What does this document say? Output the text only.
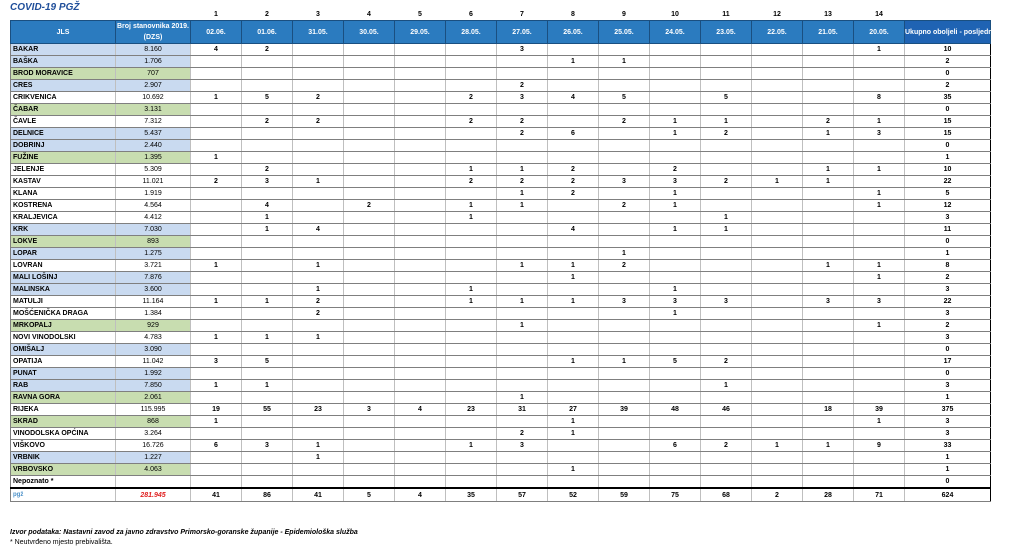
COVID-19 PGŽ
		1	2	3	4	5	6	7	8	9	10	11	12	13	14	
JLS	Broj stanovnika 2019. (DZS)	02.06.	01.06.	31.05.	30.05.	29.05.	28.05.	27.05.	26.05.	25.05.	24.05.	23.05.	22.05.	21.05.	20.05.	Ukupno oboljeli - posljednjih 14 dana
BAKAR	8.160	4	2					3							1	10
BAŠKA	1.706								1	1						2
BROD MORAVICE	707															0
CRES	2.907							2								2
CRIKVENICA	10.692	1	5	2			2	3	4	5		5			8	35
ČABAR	3.131															0
ČAVLE	7.312		2	2			2	2		2	1	1		2	1	15
DELNICE	5.437							2	6		1	2		1	3	15
DOBRINJ	2.440															0
FUŽINE	1.395	1														1
JELENJE	5.309		2				1	1	2		2			1	1	10
KASTAV	11.021	2	3	1			2	2	2	3	3	2	1	1		22
KLANA	1.919							1	2		1				1	5
KOSTRENA	4.564		4		2		1	1		2	1				1	12
KRALJEVICA	4.412		1				1					1				3
KRK	7.030		1	4					4		1	1				11
LOKVE	893															0
LOPAR	1.275									1						1
LOVRAN	3.721	1		1				1	1	2				1	1	8
MALI LOŠINJ	7.876								1						1	2
MALINSKA	3.600			1			1				1					3
MATULJI	11.164	1	1	2			1	1	1	3	3	3		3	3	22
MOŠĆENIČKA DRAGA	1.384			2							1					3
MRKOPALJ	929							1							1	2
NOVI VINODOLSKI	4.783	1	1	1												3
OMIŠALJ	3.090															0
OPATIJA	11.042	3	5						1	1	5	2				17
PUNAT	1.992															0
RAB	7.850	1	1									1				3
RAVNA GORA	2.061							1								1
RIJEKA	115.995	19	55	23	3	4	23	31	27	39	48	46		18	39	375
SKRAD	868	1							1						1	3
VINODOLSKA OPĆINA	3.264							2	1							3
VIŠKOVO	16.726	6	3	1			1	3			6	2	1	1	9	33
VRBNIK	1.227			1												1
VRBOVSKO	4.063								1							1
Nepoznato *																0
pgž	281.945	41	86	41	5	4	35	57	52	59	75	68	2	28	71	624
Izvor podataka: Nastavni zavod za javno zdravstvo Primorsko-goranske županije - Epidemiološka služba
* Neutvrđeno mjesto prebivališta.
